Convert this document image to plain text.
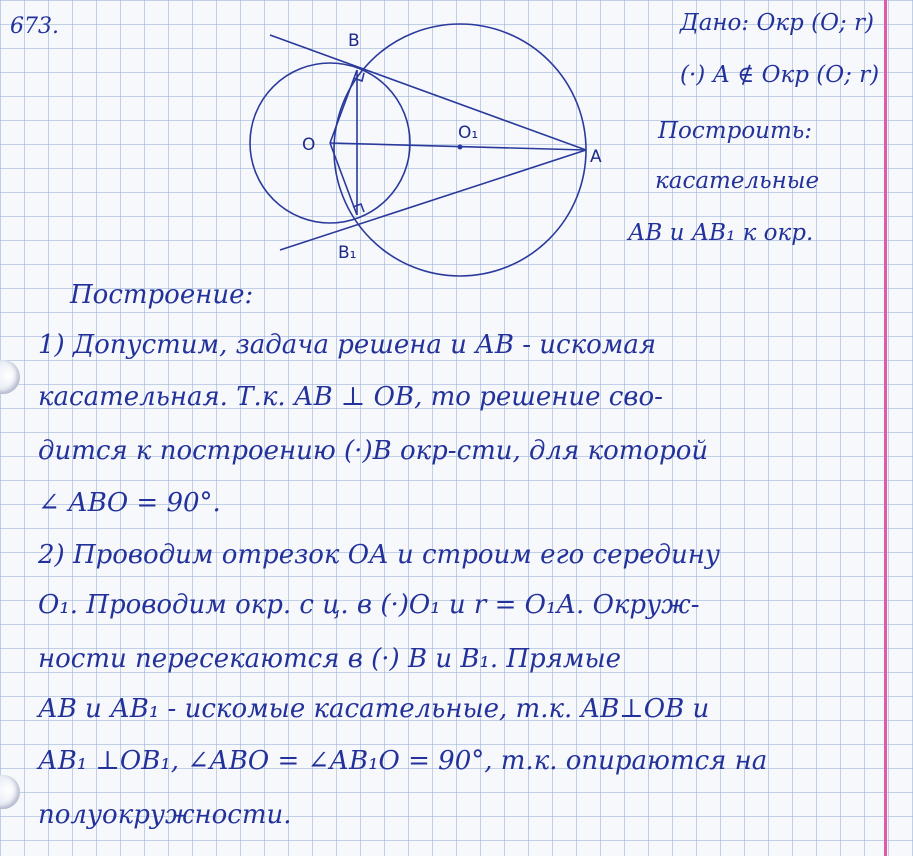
673.
B
O
O₁
A
B₁
Дано: Окр (О; r)
(·) А ∉ Окр (О; r)
Построить:
касательные
АВ и АВ₁ к окр.
Построение:
1) Допустим, задача решена и АВ - искомая
касательная. Т.к. АВ ⊥ ОВ, то решение сво-
дится к построению (·)В окр-сти, для которой
∠ АВО = 90°.
2) Проводим отрезок ОА и строим его середину
О₁. Проводим окр. с ц. в (·)О₁ и r = О₁А. Окруж-
ности пересекаются в (·) В и В₁. Прямые
АВ и АВ₁ - искомые касательные, т.к. АВ⊥ОВ и
АВ₁ ⊥ОВ₁, ∠АВО = ∠АВ₁О = 90°, т.к. опираются на
полуокружности.
